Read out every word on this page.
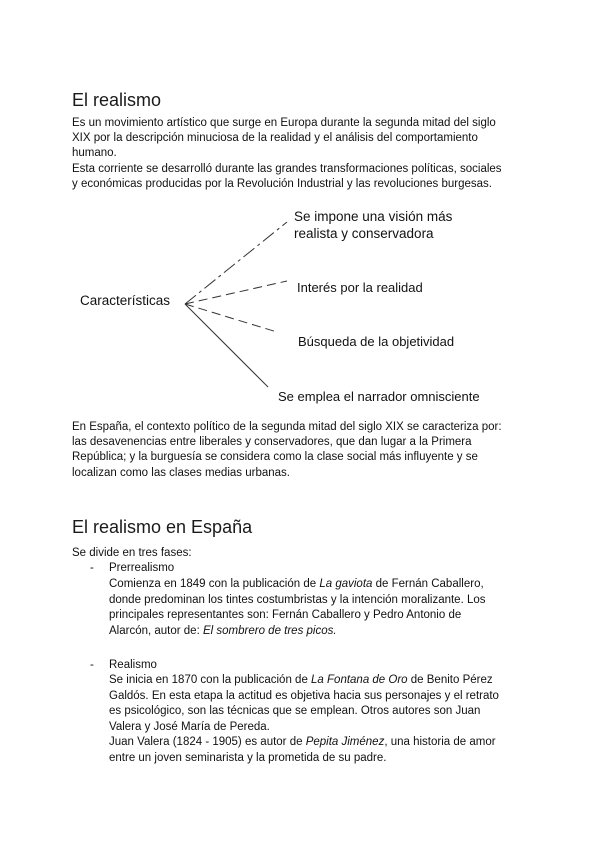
El realismo

Es un movimiento artístico que surge en Europa durante la segunda mitad del siglo
XIX por la descripción minuciosa de la realidad y el análisis del comportamiento
humano.
Esta corriente se desarrolló durante las grandes transformaciones políticas, sociales
y económicas producidas por la Revolución Industrial y las revoluciones burgesas.

Características
Se impone una visión más
realista y conservadora
Interés por la realidad
Búsqueda de la objetividad
Se emplea el narrador omnisciente

En España, el contexto político de la segunda mitad del siglo XIX se caracteriza por:
las desavenencias entre liberales y conservadores, que dan lugar a la Primera
República; y la burguesía se considera como la clase social más influyente y se
localizan como las clases medias urbanas.

El realismo en España
Se divide en tres fases:
- Prerrealismo

Comienza en 1849 con la publicación de La gaviota de Fernán Caballero,
donde predominan los tintes costumbristas y la intención moralizante. Los
principales representantes son: Fernán Caballero y Pedro Antonio de
Alarcón, autor de: El sombrero de tres picos.

- Realismo

Se inicia en 1870 con la publicación de La Fontana de Oro de Benito Pérez
Galdós. En esta etapa la actitud es objetiva hacia sus personajes y el retrato
es psicológico, son las técnicas que se emplean. Otros autores son Juan
Valera y José María de Pereda.
Juan Valera (1824 - 1905) es autor de Pepita Jiménez, una historia de amor
entre un joven seminarista y la prometida de su padre.
